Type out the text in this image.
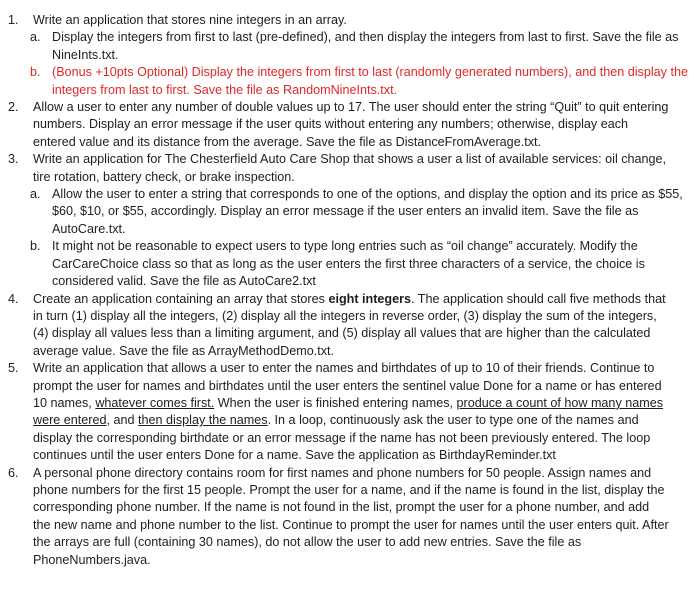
1. Write an application that stores nine integers in an array.
a. Display the integers from first to last (pre-defined), and then display the integers from last to first. Save the file as NineInts.txt.
b. (Bonus +10pts Optional) Display the integers from first to last (randomly generated numbers), and then display the integers from last to first. Save the file as RandomNineInts.txt.
2. Allow a user to enter any number of double values up to 17. The user should enter the string “Quit” to quit entering numbers. Display an error message if the user quits without entering any numbers; otherwise, display each entered value and its distance from the average. Save the file as DistanceFromAverage.txt.
3. Write an application for The Chesterfield Auto Care Shop that shows a user a list of available services: oil change, tire rotation, battery check, or brake inspection.
a. Allow the user to enter a string that corresponds to one of the options, and display the option and its price as $55, $60, $10, or $55, accordingly. Display an error message if the user enters an invalid item. Save the file as AutoCare.txt.
b. It might not be reasonable to expect users to type long entries such as “oil change” accurately. Modify the CarCareChoice class so that as long as the user enters the first three characters of a service, the choice is considered valid. Save the file as AutoCare2.txt
4. Create an application containing an array that stores eight integers. The application should call five methods that in turn (1) display all the integers, (2) display all the integers in reverse order, (3) display the sum of the integers, (4) display all values less than a limiting argument, and (5) display all values that are higher than the calculated average value. Save the file as ArrayMethodDemo.txt.
5. Write an application that allows a user to enter the names and birthdates of up to 10 of their friends. Continue to prompt the user for names and birthdates until the user enters the sentinel value Done for a name or has entered 10 names, whatever comes first. When the user is finished entering names, produce a count of how many names were entered, and then display the names. In a loop, continuously ask the user to type one of the names and display the corresponding birthdate or an error message if the name has not been previously entered. The loop continues until the user enters Done for a name. Save the application as BirthdayReminder.txt
6. A personal phone directory contains room for first names and phone numbers for 50 people. Assign names and phone numbers for the first 15 people. Prompt the user for a name, and if the name is found in the list, display the corresponding phone number. If the name is not found in the list, prompt the user for a phone number, and add the new name and phone number to the list. Continue to prompt the user for names until the user enters quit. After the arrays are full (containing 30 names), do not allow the user to add new entries. Save the file as PhoneNumbers.java.
